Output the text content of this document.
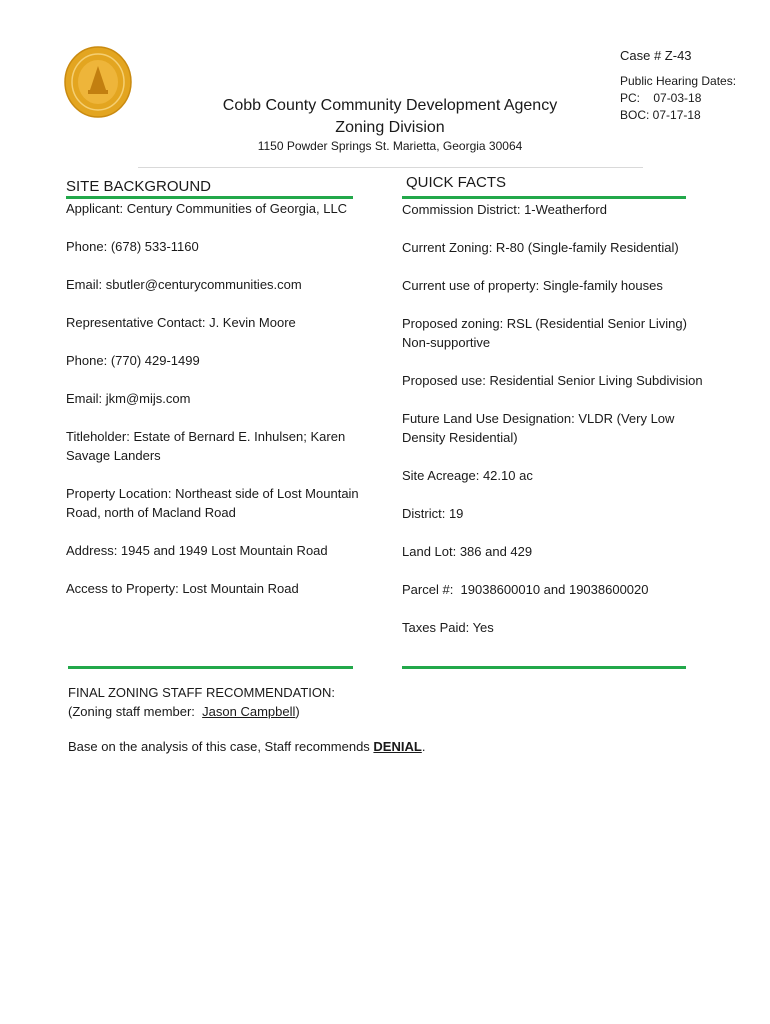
Case # Z-43
Public Hearing Dates:
PC:    07-03-18
BOC: 07-17-18
Cobb County Community Development Agency
Zoning Division
1150 Powder Springs St. Marietta, Georgia 30064
SITE BACKGROUND	QUICK FACTS

Applicant: Century Communities of Georgia, LLC

Phone: (678) 533-1160

Email: sbutler@centurycommunities.com

Representative Contact: J. Kevin Moore

Phone: (770) 429-1499

Email: jkm@mijs.com

Titleholder: Estate of Bernard E. Inhulsen; Karen Savage Landers

Property Location: Northeast side of Lost Mountain Road, north of Macland Road

Address: 1945 and 1949 Lost Mountain Road

Access to Property: Lost Mountain Road

Commission District: 1-Weatherford

Current Zoning: R-80 (Single-family Residential)

Current use of property: Single-family houses

Proposed zoning: RSL (Residential Senior Living) Non-supportive

Proposed use: Residential Senior Living Subdivision

Future Land Use Designation: VLDR (Very Low Density Residential)

Site Acreage: 42.10 ac

District: 19

Land Lot: 386 and 429

Parcel #:  19038600010 and 19038600020

Taxes Paid: Yes

FINAL ZONING STAFF RECOMMENDATION:
(Zoning staff member:  Jason Campbell)
Base on the analysis of this case, Staff recommends DENIAL.
